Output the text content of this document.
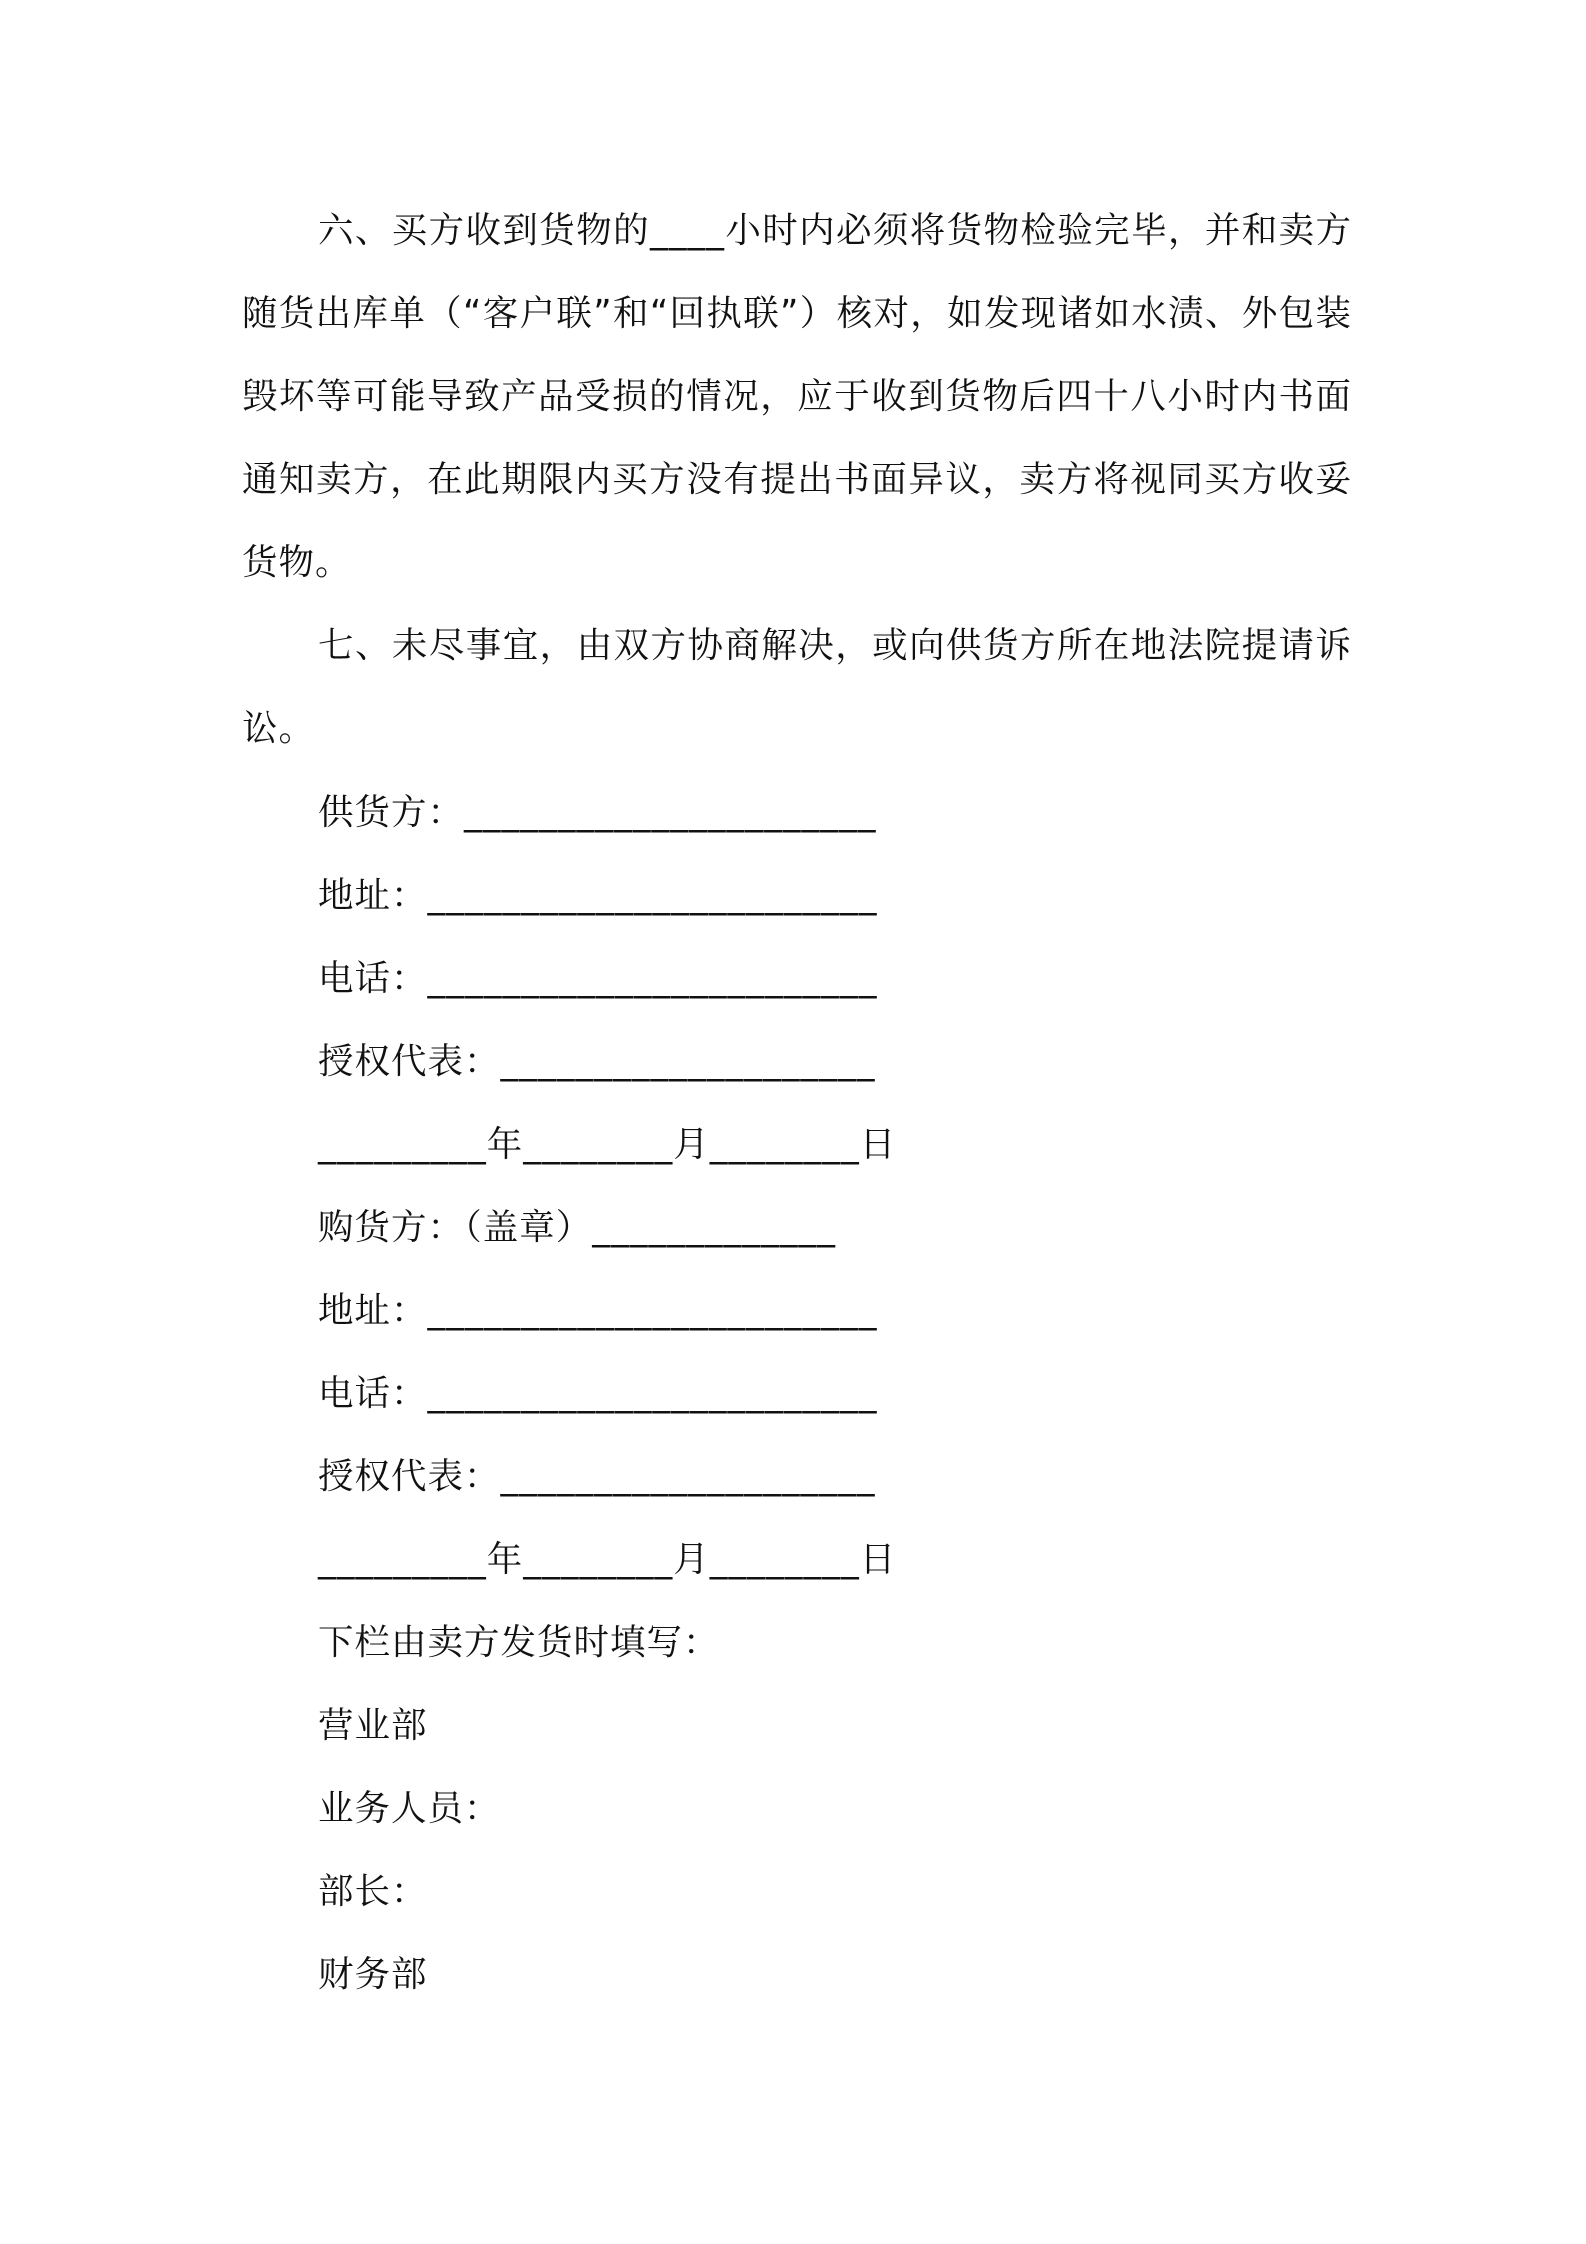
六、买方收到货物的____小时内必须将货物检验完毕，并和卖方随货出库单（“客户联”和“回执联”）核对，如发现诸如水渍、外包装毁坏等可能导致产品受损的情况，应于收到货物后四十八小时内书面通知卖方，在此期限内买方没有提出书面异议，卖方将视同买方收妥货物。

七、未尽事宜，由双方协商解决，或向供货方所在地法院提请诉讼。

供货方：______________________

地址：________________________

电话：________________________

授权代表：____________________

_________年________月________日

购货方：（盖章）_____________

地址：________________________

电话：________________________

授权代表：____________________

_________年________月________日

下栏由卖方发货时填写：

营业部

业务人员：

部长：

财务部
